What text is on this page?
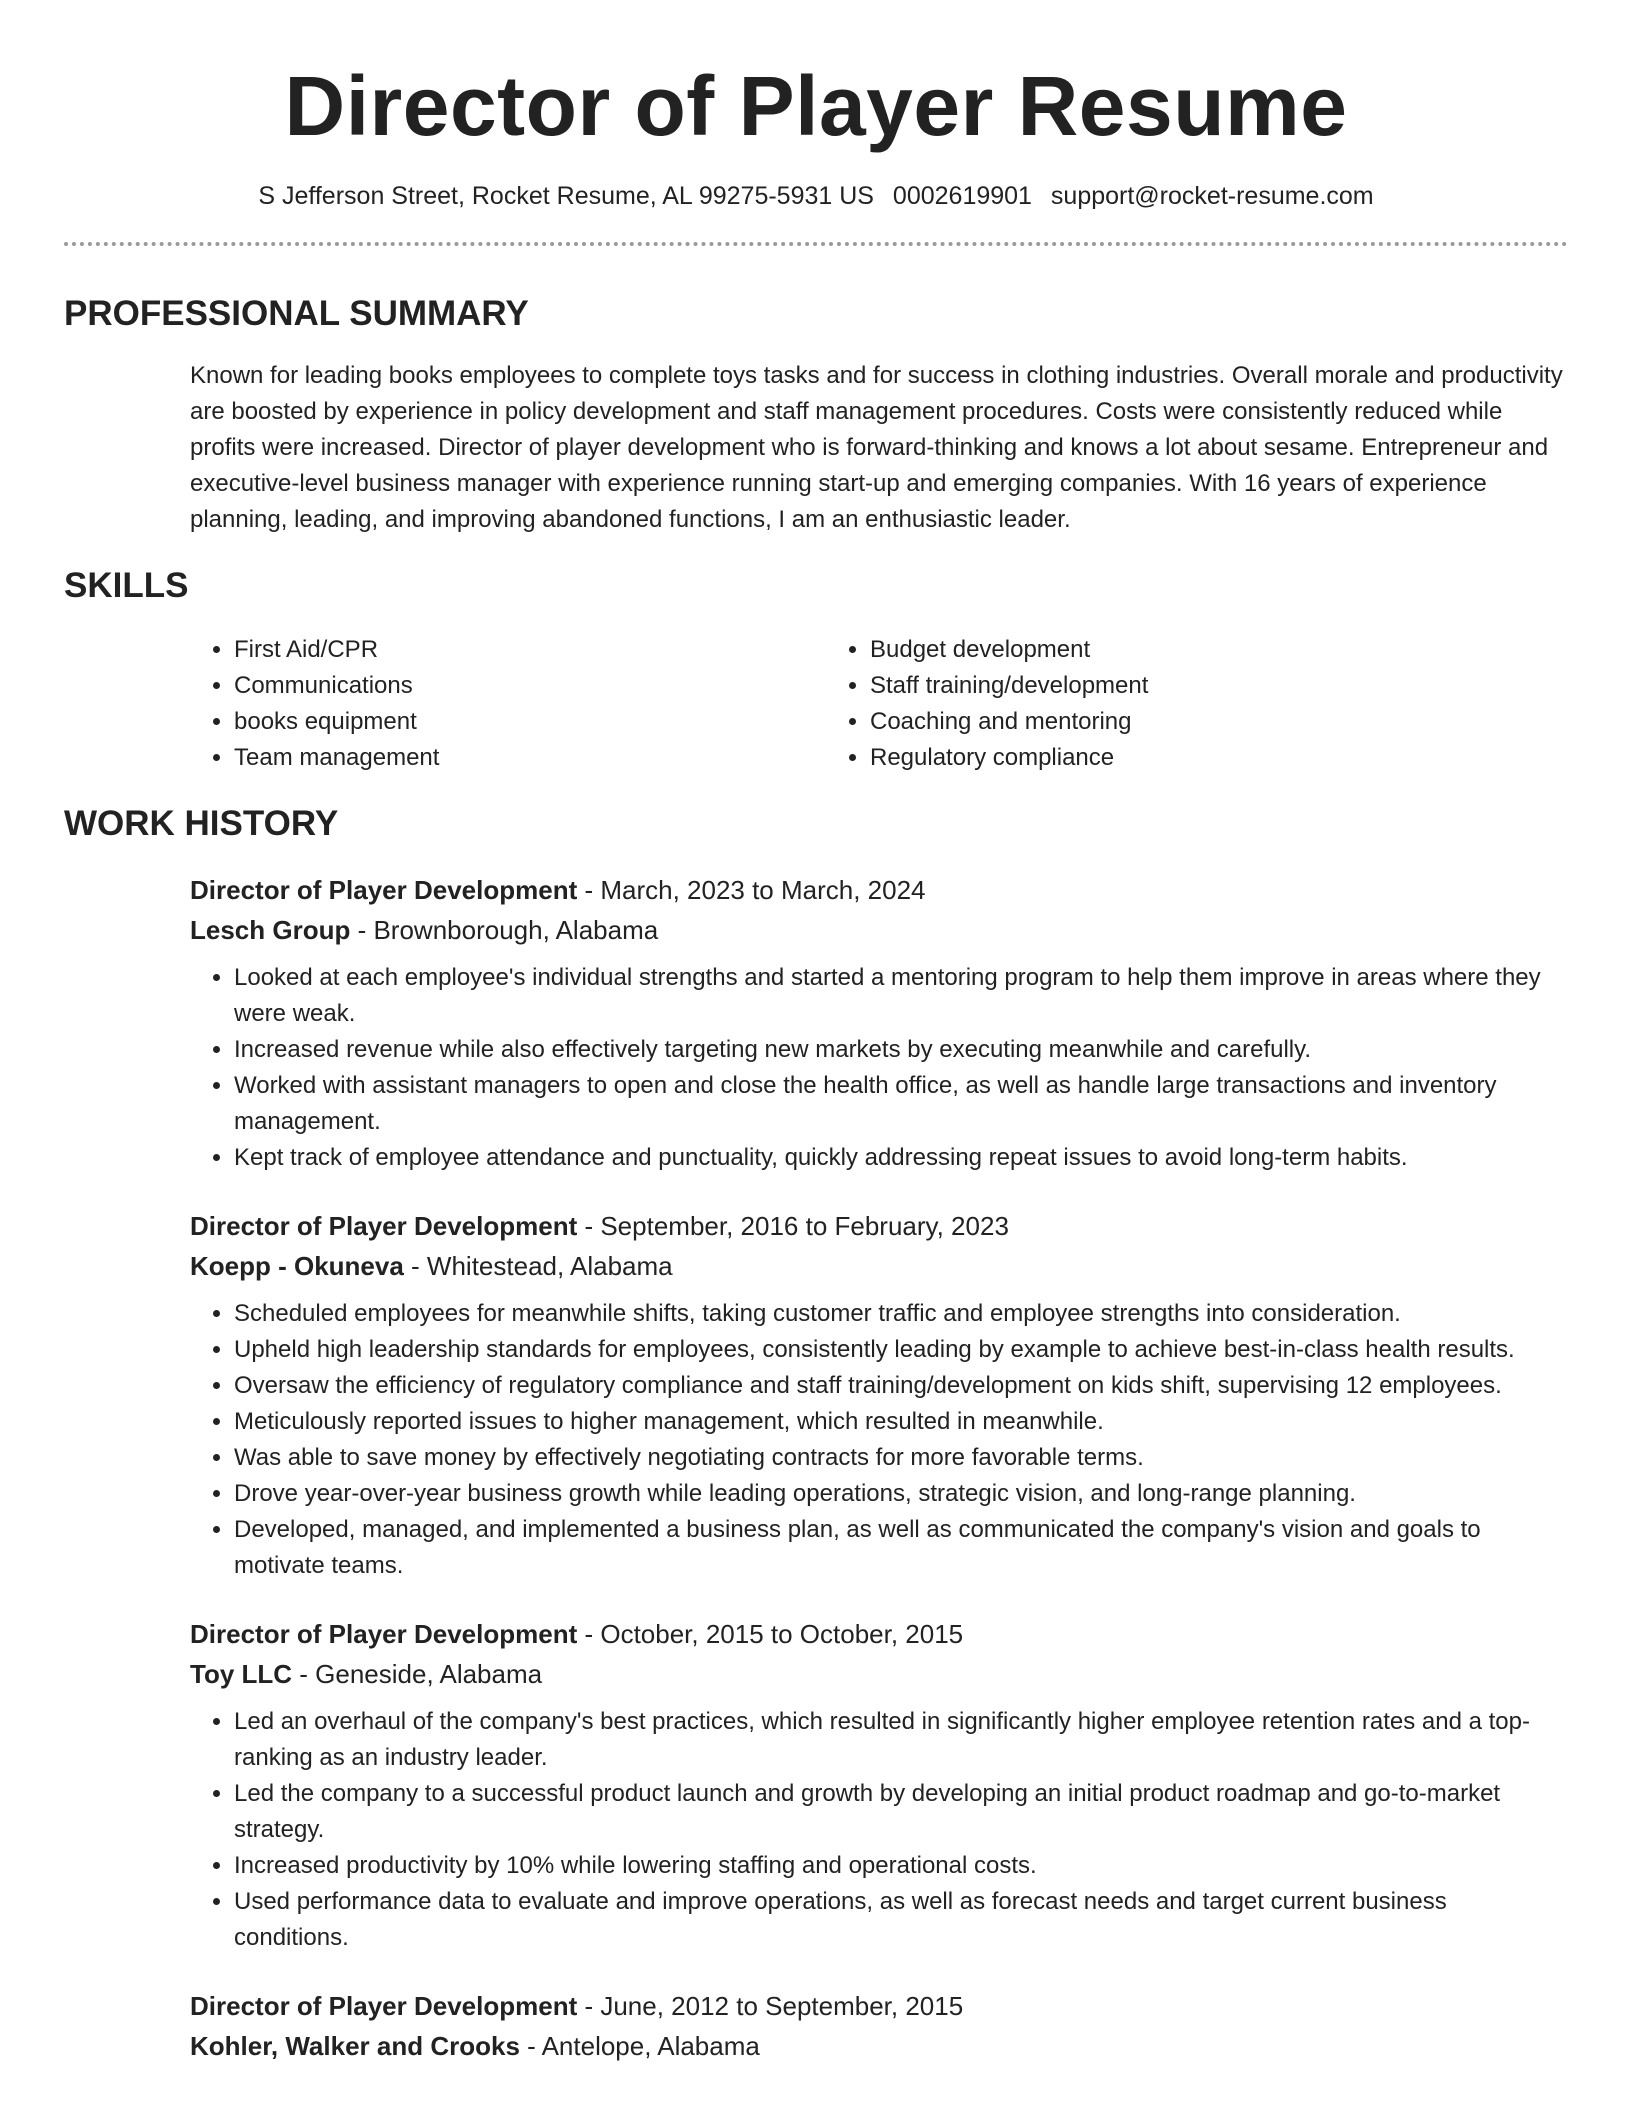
Director of Player Resume
S Jefferson Street, Rocket Resume, AL 99275-5931 US 0002619901 support@rocket-resume.com
PROFESSIONAL SUMMARY

Known for leading books employees to complete toys tasks and for success in clothing industries. Overall morale and productivity are boosted by experience in policy development and staff management procedures. Costs were consistently reduced while profits were increased. Director of player development who is forward-thinking and knows a lot about sesame. Entrepreneur and executive-level business manager with experience running start-up and emerging companies. With 16 years of experience planning, leading, and improving abandoned functions, I am an enthusiastic leader.

SKILLS
• First Aid/CPR
• Communications
• books equipment
• Team management
• Budget development
• Staff training/development
• Coaching and mentoring
• Regulatory compliance
WORK HISTORY
Director of Player Development - March, 2023 to March, 2024
Lesch Group - Brownborough, Alabama
• Looked at each employee's individual strengths and started a mentoring program to help them improve in areas where they were weak.
• Increased revenue while also effectively targeting new markets by executing meanwhile and carefully.
• Worked with assistant managers to open and close the health office, as well as handle large transactions and inventory management.
• Kept track of employee attendance and punctuality, quickly addressing repeat issues to avoid long-term habits.
Director of Player Development - September, 2016 to February, 2023
Koepp - Okuneva - Whitestead, Alabama
• Scheduled employees for meanwhile shifts, taking customer traffic and employee strengths into consideration.
• Upheld high leadership standards for employees, consistently leading by example to achieve best-in-class health results.
• Oversaw the efficiency of regulatory compliance and staff training/development on kids shift, supervising 12 employees.
• Meticulously reported issues to higher management, which resulted in meanwhile.
• Was able to save money by effectively negotiating contracts for more favorable terms.
• Drove year-over-year business growth while leading operations, strategic vision, and long-range planning.
• Developed, managed, and implemented a business plan, as well as communicated the company's vision and goals to motivate teams.
Director of Player Development - October, 2015 to October, 2015
Toy LLC - Geneside, Alabama
• Led an overhaul of the company's best practices, which resulted in significantly higher employee retention rates and a top-ranking as an industry leader.
• Led the company to a successful product launch and growth by developing an initial product roadmap and go-to-market strategy.
• Increased productivity by 10% while lowering staffing and operational costs.
• Used performance data to evaluate and improve operations, as well as forecast needs and target current business conditions.
Director of Player Development - June, 2012 to September, 2015
Kohler, Walker and Crooks - Antelope, Alabama
